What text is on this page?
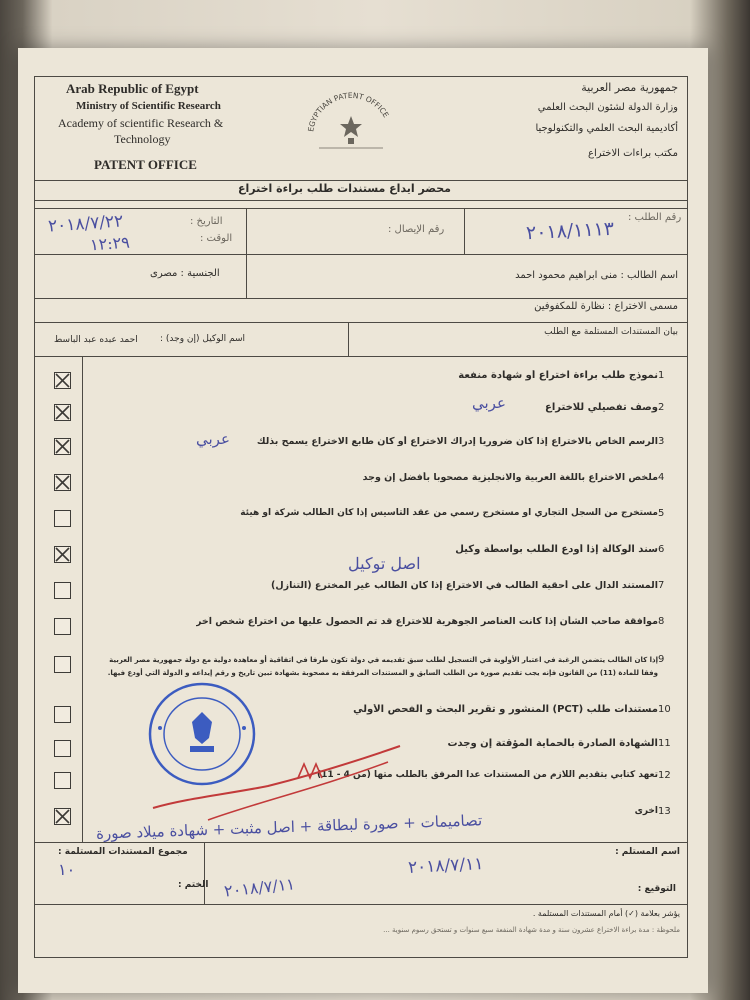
Arab Republic of Egypt
Ministry of Scientific Research
Academy of scientific Research &
Technology
PATENT OFFICE
EGYPTIAN PATENT OFFICE
جمهورية مصر العربية
وزارة الدولة لشئون البحث العلمي
أكاديمية البحث العلمي والتكنولوجيا
مكتب براءات الاختراع
محضر ايداع مستندات طلب براءة اختراع
التاريخ :
الوقت :
رقم الإيصال :
رقم الطلب :
٢٠١٨/٧/٢٢
١٢:٢٩	٢٠١٨/١١١٣
الجنسية : مصرى	اسم الطالب : منى ابراهيم محمود احمد
مسمى الاختراع : نظارة للمكفوفين
بيان المستندات المستلمة مع الطلب
اسم الوكيل (إن وجد) :
احمد عبده عبد الباسط
نموذج طلب براءة اختراع أو شهادة منفعة 1
وصف تفصيلي للاختراع 2
الرسم الخاص بالاختراع إذا كان ضروريا إدراك الاختراع أو كان طابع الاختراع يسمح بذلك 3
ملخص الاختراع باللغة العربية والانجليزية مصحوبا بأفضل إن وجد 4
مستخرج من السجل التجاري أو مستخرج رسمي من عقد التأسيس إذا كان الطالب شركة أو هيئة 5
سند الوكالة إذا أودع الطلب بواسطة وكيل 6
المستند الدال على أحقية الطالب في الاختراع إذا كان الطالب غير المخترع (التنازل) 7
موافقة صاحب الشأن إذا كانت العناصر الجوهرية للاختراع قد تم الحصول عليها من اختراع شخص آخر 8
إذا كان الطالب يتضمن الرغبة في اعتبار الأولوية في التسجيل لطلب سبق تقديمه في دولة تكون طرفا في اتفاقية أو معاهدة دولية مع دولة جمهورية مصر العربية وفقا للمادة (11) من القانون فإنه يجب تقديم صورة من الطلب السابق و المستندات المرفقة به مصحوبة بشهادة تبين تاريخ و رقم إيداعه و الدولة التي أودع فيها.
9
مستندات طلب (PCT) المنشور و تقرير البحث و الفحص الأولي 10
الشهادة الصادرة بالحماية المؤقتة إن وجدت 11
تعهد كتابي بتقديم اللازم من المستندات عدا المرفق بالطلب متها (من 4 - 11) 12
اخرى 13
عربي
عربي
اصل توكيل
تصاميمات + صورة لبطاقة + اصل مثبت + شهادة ميلاد صورة
مجموع المستندات المستلمة :
١٠
الختم : ٢٠١٨/٧/١١
اسم المستلم :
٢٠١٨/٧/١١
التوقيع :
يؤشر بعلامة (✓) أمام المستندات المستلمة .
ملحوظة : مدة براءة الاختراع عشرون سنة و مدة شهادة المنفعة سبع سنوات و تستحق رسوم سنوية ...
